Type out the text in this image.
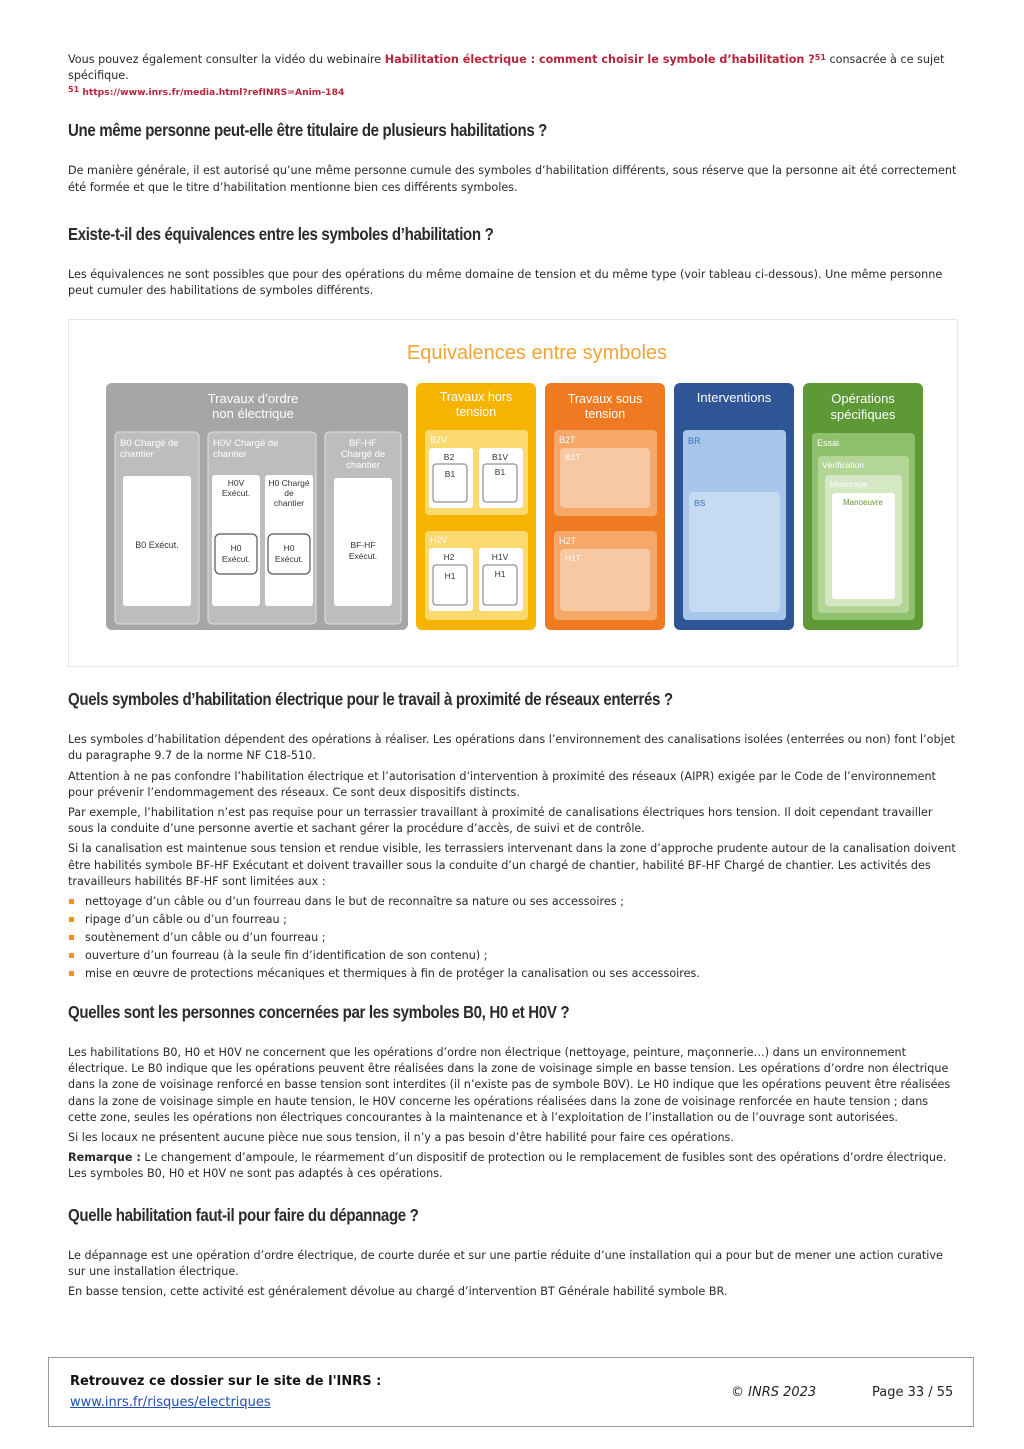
Vous pouvez également consulter la vidéo du webinaire Habilitation électrique : comment choisir le symbole d’habilitation ?$^{51}$ consacrée à ce sujet spécifique.

$^{51}$ https://www.inrs.fr/media.html?refINRS=Anim-184
Une même personne peut-elle être titulaire de plusieurs habilitations ?

De manière générale, il est autorisé qu’une même personne cumule des symboles d’habilitation différents, sous réserve que la personne ait été correctement été formée et que le titre d’habilitation mentionne bien ces différents symboles.

Existe-t-il des équivalences entre les symboles d’habilitation ?

Les équivalences ne sont possibles que pour des opérations du même domaine de tension et du même type (voir tableau ci-dessous). Une même personne peut cumuler des habilitations de symboles différents.

Equivalences entre symboles
Travaux d’ordre
non électrique
B0 Chargé de
chantier
B0 Exécut.
H0V Chargé de
chantier
H0V
Exécut.
H0
Exécut.
H0 Chargé
de
chantier
H0
Exécut.
BF-HF
Chargé de
chantier
BF-HF
Exécut.
Travaux hors
tension
B2V
B2	B1V
B1	B1
H2V
H2	H1V
H1	H1
Travaux sous
tension
B2T
B1T
H2T
H1T
Interventions
BR
BS
Opérations
spécifiques
Essai
Vérification
Mesurage
Manoeuvre
Quels symboles d’habilitation électrique pour le travail à proximité de réseaux enterrés ?

Les symboles d’habilitation dépendent des opérations à réaliser. Les opérations dans l’environnement des canalisations isolées (enterrées ou non) font l’objet du paragraphe 9.7 de la norme NF C18-510.

Attention à ne pas confondre l’habilitation électrique et l’autorisation d’intervention à proximité des réseaux (AIPR) exigée par le Code de l’environnement pour prévenir l’endommagement des réseaux. Ce sont deux dispositifs distincts.

Par exemple, l’habilitation n’est pas requise pour un terrassier travaillant à proximité de canalisations électriques hors tension. Il doit cependant travailler sous la conduite d’une personne avertie et sachant gérer la procédure d’accès, de suivi et de contrôle.

Si la canalisation est maintenue sous tension et rendue visible, les terrassiers intervenant dans la zone d’approche prudente autour de la canalisation doivent être habilités symbole BF-HF Exécutant et doivent travailler sous la conduite d’un chargé de chantier, habilité BF-HF Chargé de chantier. Les activités des travailleurs habilités BF-HF sont limitées aux :

nettoyage d’un câble ou d’un fourreau dans le but de reconnaître sa nature ou ses accessoires ;
ripage d’un câble ou d’un fourreau ;
soutènement d’un câble ou d’un fourreau ;
ouverture d’un fourreau (à la seule fin d’identification de son contenu) ;
mise en œuvre de protections mécaniques et thermiques à fin de protéger la canalisation ou ses accessoires.
Quelles sont les personnes concernées par les symboles B0, H0 et H0V ?

Les habilitations B0, H0 et H0V ne concernent que les opérations d’ordre non électrique (nettoyage, peinture, maçonnerie…) dans un environnement électrique. Le B0 indique que les opérations peuvent être réalisées dans la zone de voisinage simple en basse tension. Les opérations d’ordre non électrique dans la zone de voisinage renforcé en basse tension sont interdites (il n’existe pas de symbole B0V). Le H0 indique que les opérations peuvent être réalisées dans la zone de voisinage simple en haute tension, le H0V concerne les opérations réalisées dans la zone de voisinage renforcée en haute tension ; dans cette zone, seules les opérations non électriques concourantes à la maintenance et à l’exploitation de l’installation ou de l’ouvrage sont autorisées.

Si les locaux ne présentent aucune pièce nue sous tension, il n’y a pas besoin d’être habilité pour faire ces opérations.

Remarque : Le changement d’ampoule, le réarmement d’un dispositif de protection ou le remplacement de fusibles sont des opérations d’ordre électrique. Les symboles B0, H0 et H0V ne sont pas adaptés à ces opérations.

Quelle habilitation faut-il pour faire du dépannage ?

Le dépannage est une opération d’ordre électrique, de courte durée et sur une partie réduite d’une installation qui a pour but de mener une action curative sur une installation électrique.

En basse tension, cette activité est généralement dévolue au chargé d’intervention BT Générale habilité symbole BR.

Retrouvez ce dossier sur le site de l'INRS :
www.inrs.fr/risques/electriques
© INRS 2023	Page 33 / 55
